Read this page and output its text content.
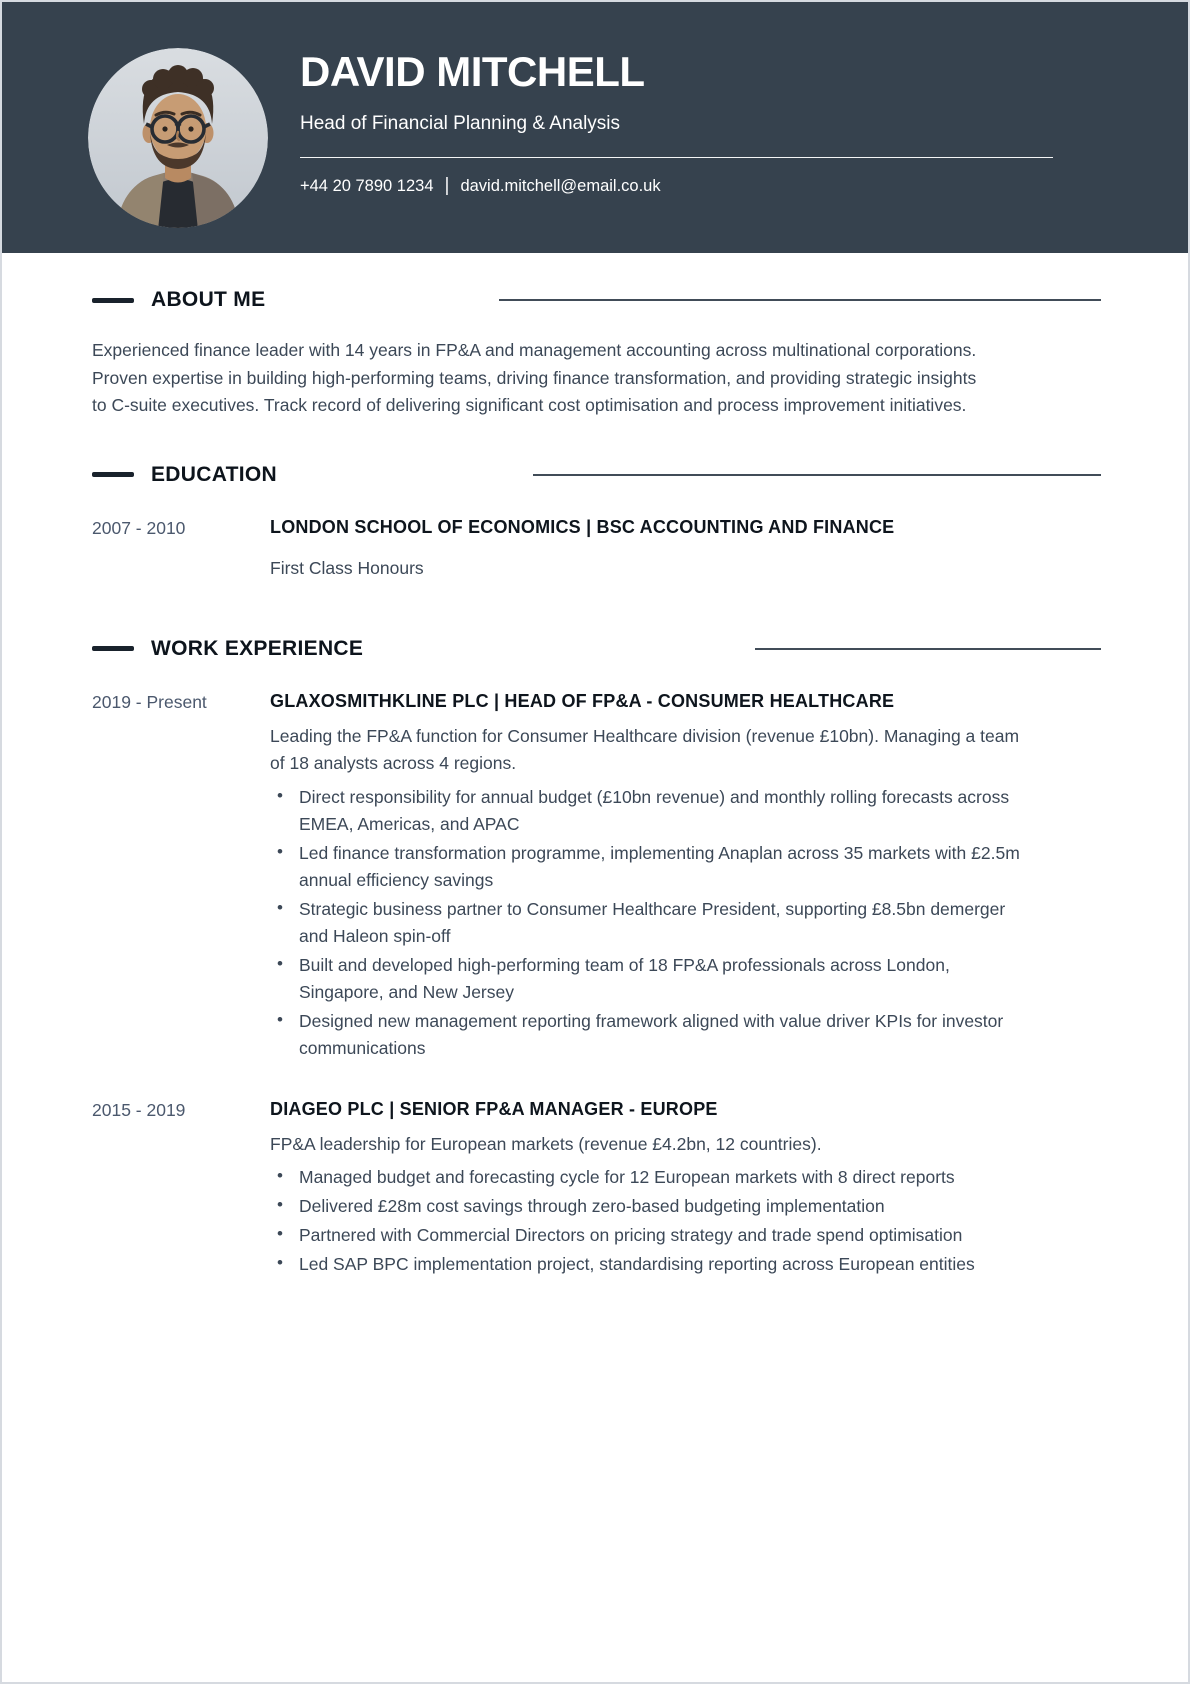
DAVID MITCHELL
Head of Financial Planning & Analysis
+44 20 7890 1234 | david.mitchell@email.co.uk
ABOUT ME

Experienced finance leader with 14 years in FP&A and management accounting across multinational corporations. Proven expertise in building high-performing teams, driving finance transformation, and providing strategic insights to C-suite executives. Track record of delivering significant cost optimisation and process improvement initiatives.

EDUCATION
2007 - 2010	LONDON SCHOOL OF ECONOMICS | BSC ACCOUNTING AND FINANCE
First Class Honours
WORK EXPERIENCE
2019 - Present	GLAXOSMITHKLINE PLC | HEAD OF FP&A - CONSUMER HEALTHCARE

Leading the FP&A function for Consumer Healthcare division (revenue £10bn). Managing a team of 18 analysts across 4 regions.

• Direct responsibility for annual budget (£10bn revenue) and monthly rolling forecasts across EMEA, Americas, and APAC
• Led finance transformation programme, implementing Anaplan across 35 markets with £2.5m annual efficiency savings
• Strategic business partner to Consumer Healthcare President, supporting £8.5bn demerger and Haleon spin-off
• Built and developed high-performing team of 18 FP&A professionals across London, Singapore, and New Jersey
• Designed new management reporting framework aligned with value driver KPIs for investor communications
2015 - 2019	DIAGEO PLC | SENIOR FP&A MANAGER - EUROPE

FP&A leadership for European markets (revenue £4.2bn, 12 countries).

• Managed budget and forecasting cycle for 12 European markets with 8 direct reports
• Delivered £28m cost savings through zero-based budgeting implementation
• Partnered with Commercial Directors on pricing strategy and trade spend optimisation
• Led SAP BPC implementation project, standardising reporting across European entities
